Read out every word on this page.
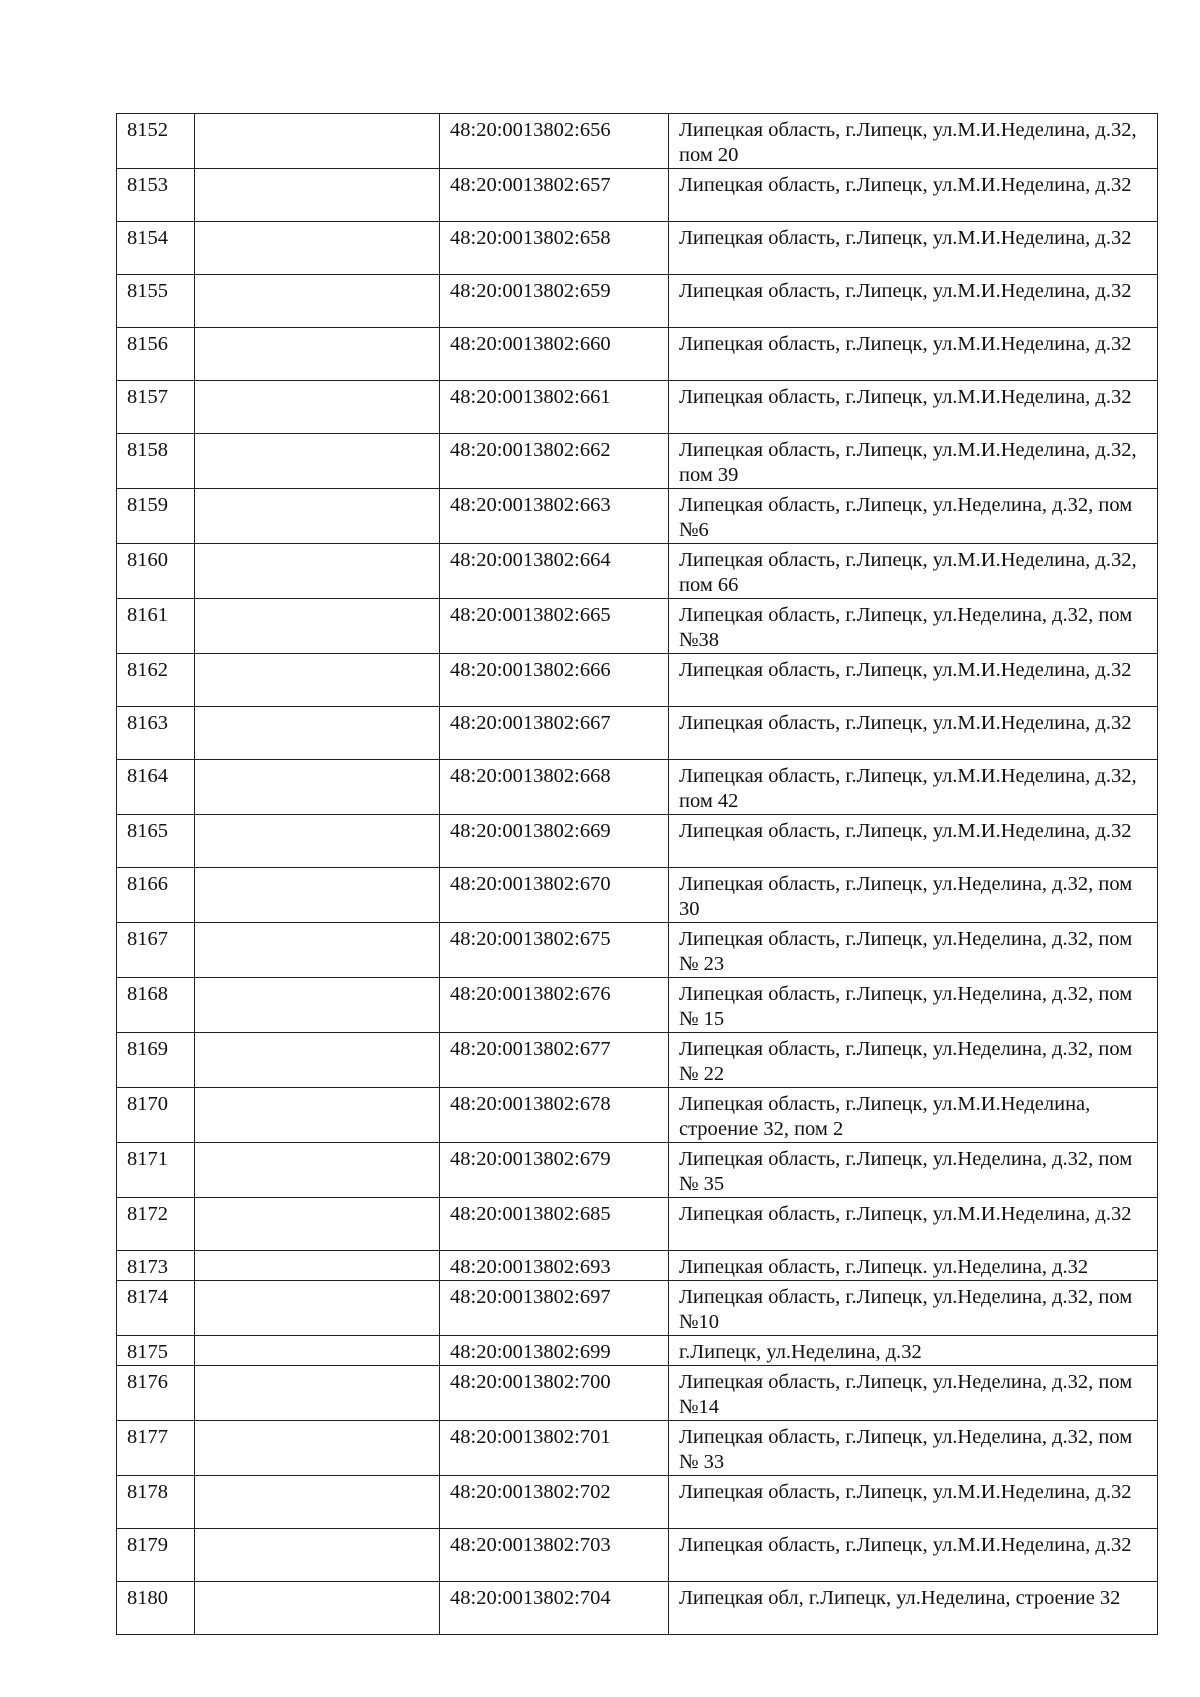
8152		48:20:0013802:656	Липецкая область, г.Липецк, ул.М.И.Неделина, д.32, пом 20
8153		48:20:0013802:657	Липецкая область, г.Липецк, ул.М.И.Неделина, д.32
8154		48:20:0013802:658	Липецкая область, г.Липецк, ул.М.И.Неделина, д.32
8155		48:20:0013802:659	Липецкая область, г.Липецк, ул.М.И.Неделина, д.32
8156		48:20:0013802:660	Липецкая область, г.Липецк, ул.М.И.Неделина, д.32
8157		48:20:0013802:661	Липецкая область, г.Липецк, ул.М.И.Неделина, д.32
8158		48:20:0013802:662	Липецкая область, г.Липецк, ул.М.И.Неделина, д.32, пом 39
8159		48:20:0013802:663	Липецкая область, г.Липецк, ул.Неделина, д.32, пом №6
8160		48:20:0013802:664	Липецкая область, г.Липецк, ул.М.И.Неделина, д.32, пом 66
8161		48:20:0013802:665	Липецкая область, г.Липецк, ул.Неделина, д.32, пом №38
8162		48:20:0013802:666	Липецкая область, г.Липецк, ул.М.И.Неделина, д.32
8163		48:20:0013802:667	Липецкая область, г.Липецк, ул.М.И.Неделина, д.32
8164		48:20:0013802:668	Липецкая область, г.Липецк, ул.М.И.Неделина, д.32, пом 42
8165		48:20:0013802:669	Липецкая область, г.Липецк, ул.М.И.Неделина, д.32
8166		48:20:0013802:670	Липецкая область, г.Липецк, ул.Неделина, д.32, пом 30
8167		48:20:0013802:675	Липецкая область, г.Липецк, ул.Неделина, д.32, пом № 23
8168		48:20:0013802:676	Липецкая область, г.Липецк, ул.Неделина, д.32, пом № 15
8169		48:20:0013802:677	Липецкая область, г.Липецк, ул.Неделина, д.32, пом № 22
8170		48:20:0013802:678	Липецкая область, г.Липецк, ул.М.И.Неделина, строение 32, пом 2
8171		48:20:0013802:679	Липецкая область, г.Липецк, ул.Неделина, д.32, пом № 35
8172		48:20:0013802:685	Липецкая область, г.Липецк, ул.М.И.Неделина, д.32
8173		48:20:0013802:693	Липецкая область, г.Липецк. ул.Неделина, д.32
8174		48:20:0013802:697	Липецкая область, г.Липецк, ул.Неделина, д.32, пом №10
8175		48:20:0013802:699	г.Липецк, ул.Неделина, д.32
8176		48:20:0013802:700	Липецкая область, г.Липецк, ул.Неделина, д.32, пом №14
8177		48:20:0013802:701	Липецкая область, г.Липецк, ул.Неделина, д.32, пом № 33
8178		48:20:0013802:702	Липецкая область, г.Липецк, ул.М.И.Неделина, д.32
8179		48:20:0013802:703	Липецкая область, г.Липецк, ул.М.И.Неделина, д.32
8180		48:20:0013802:704	Липецкая обл, г.Липецк, ул.Неделина, строение 32
